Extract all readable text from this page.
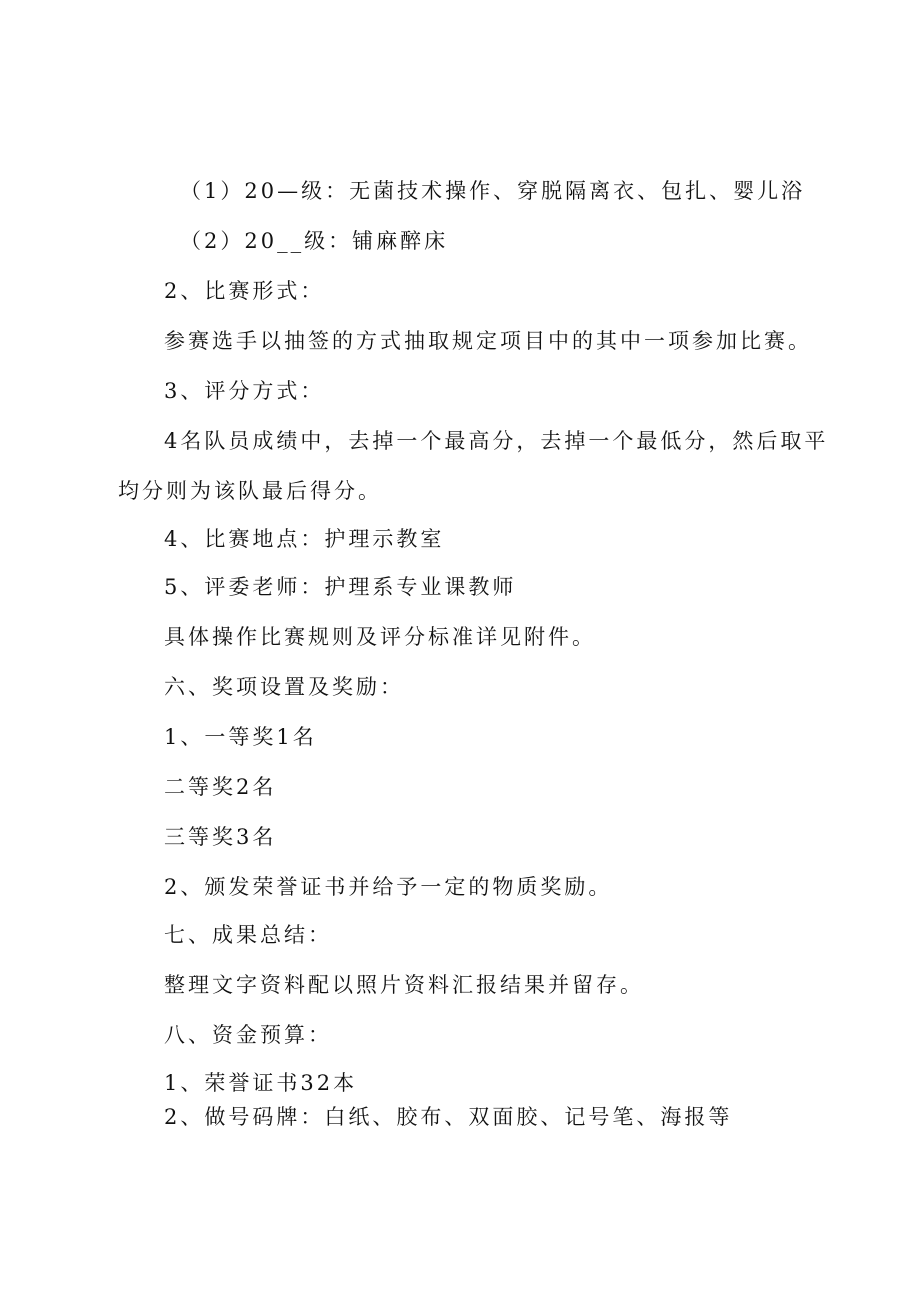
（1）20—级：无菌技术操作、穿脱隔离衣、包扎、婴儿浴
（2）20__级：铺麻醉床
2、比赛形式：
参赛选手以抽签的方式抽取规定项目中的其中一项参加比赛。
3、评分方式：
4名队员成绩中，去掉一个最高分，去掉一个最低分，然后取平
均分则为该队最后得分。
4、比赛地点：护理示教室
5、评委老师：护理系专业课教师
具体操作比赛规则及评分标准详见附件。
六、奖项设置及奖励：
1、一等奖1名
二等奖2名
三等奖3名
2、颁发荣誉证书并给予一定的物质奖励。
七、成果总结：
整理文字资料配以照片资料汇报结果并留存。
八、资金预算：
1、荣誉证书32本
2、做号码牌：白纸、胶布、双面胶、记号笔、海报等
